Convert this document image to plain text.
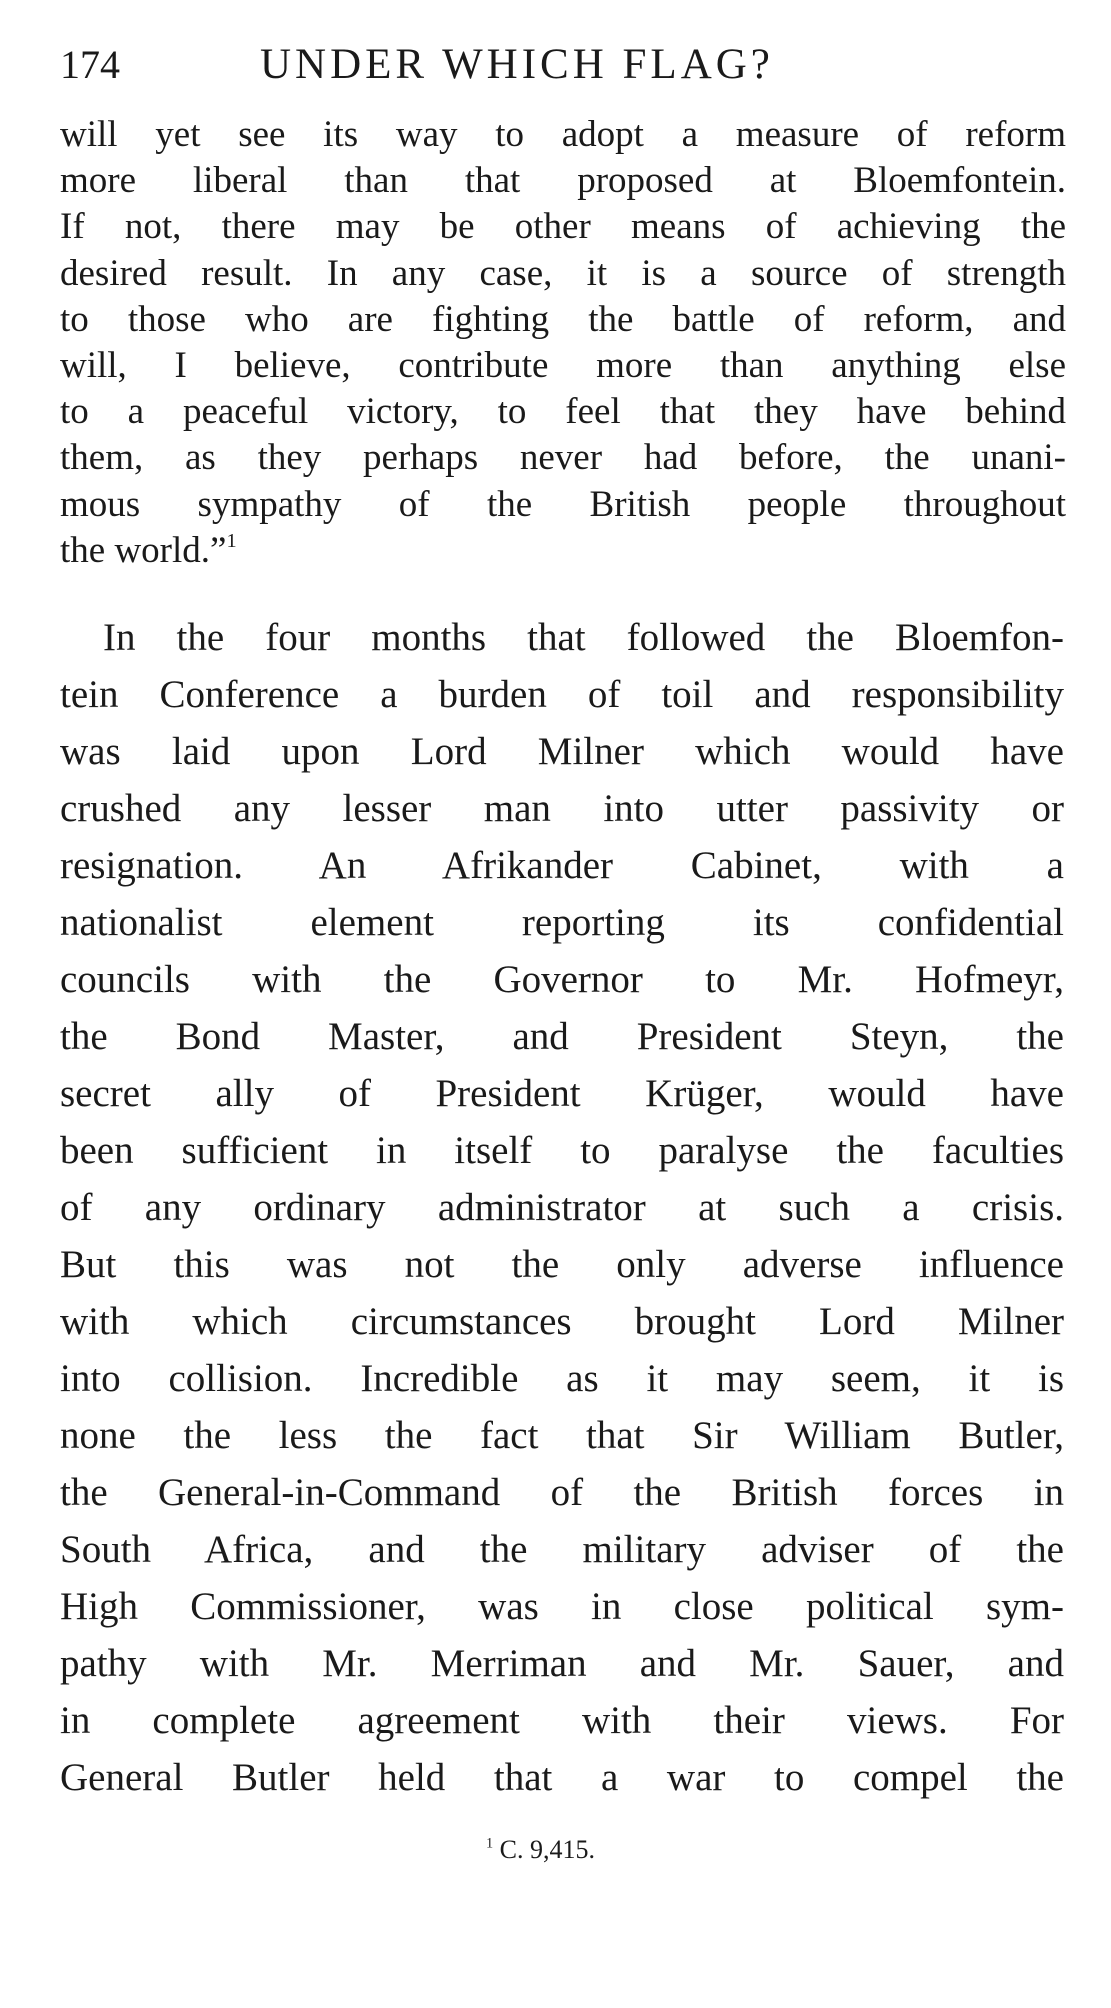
174	UNDER WHICH FLAG?
will yet see its way to adopt a measure of reform
more liberal than that proposed at Bloemfontein.
If not, there may be other means of achieving the
desired result. In any case, it is a source of strength
to those who are fighting the battle of reform, and
will, I believe, contribute more than anything else
to a peaceful victory, to feel that they have behind
them, as they perhaps never had before, the unani-
mous sympathy of the British people throughout
the world.”$^1$
In the four months that followed the Bloemfon-
tein Conference a burden of toil and responsibility
was laid upon Lord Milner which would have
crushed any lesser man into utter passivity or
resignation. An Afrikander Cabinet, with a
nationalist element reporting its confidential
councils with the Governor to Mr. Hofmeyr,
the Bond Master, and President Steyn, the
secret ally of President Krüger, would have
been sufficient in itself to paralyse the faculties
of any ordinary administrator at such a crisis.
But this was not the only adverse influence
with which circumstances brought Lord Milner
into collision. Incredible as it may seem, it is
none the less the fact that Sir William Butler,
the General-in-Command of the British forces in
South Africa, and the military adviser of the
High Commissioner, was in close political sym-
pathy with Mr. Merriman and Mr. Sauer, and
in complete agreement with their views. For
General Butler held that a war to compel the
$^1$ C. 9,415.
